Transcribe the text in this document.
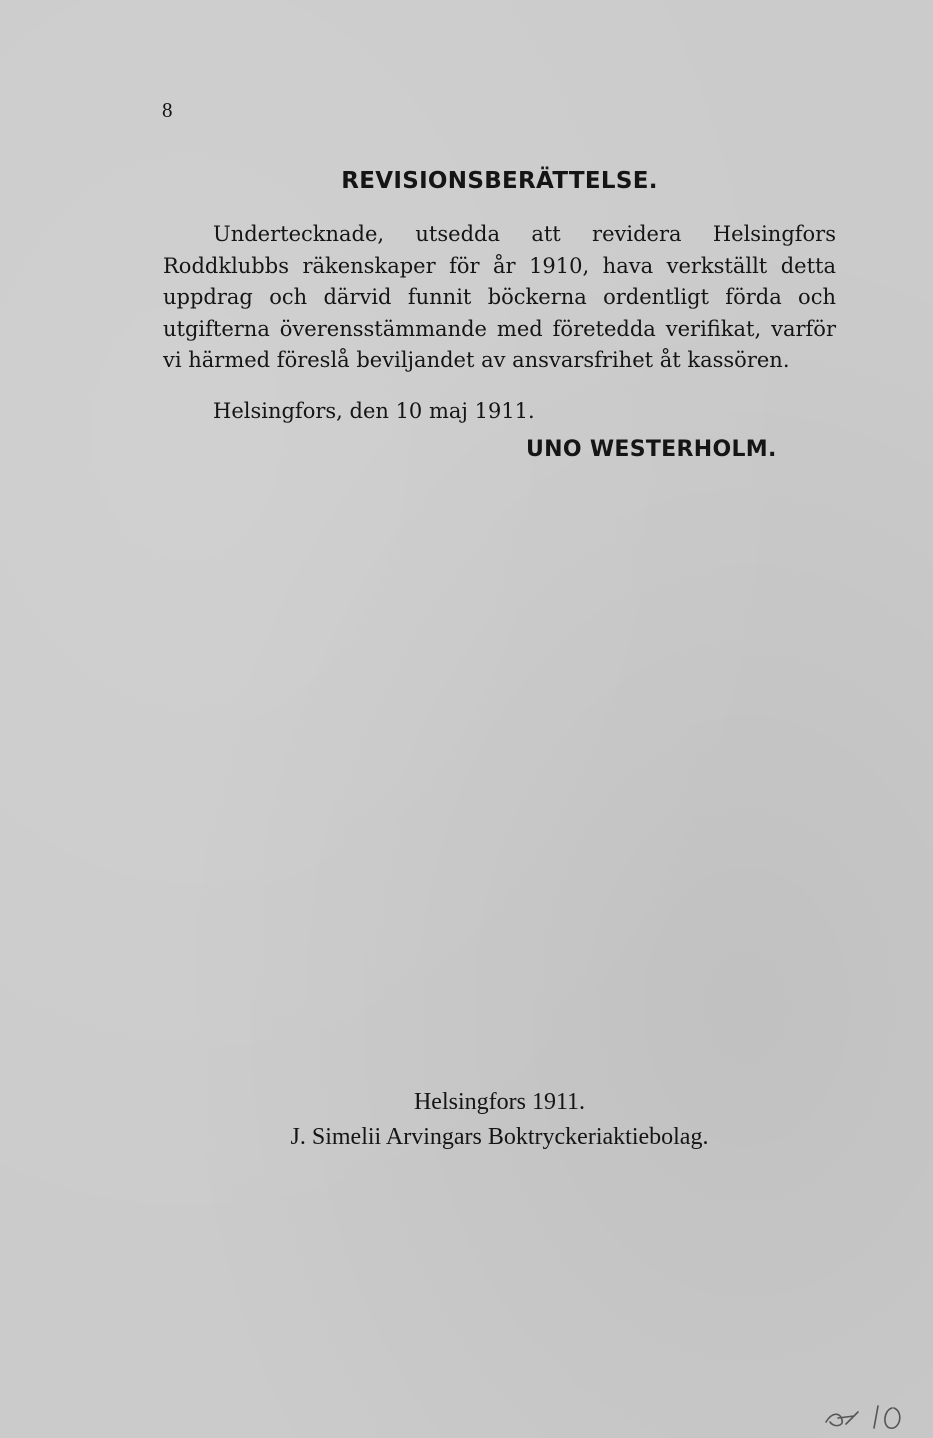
8
REVISIONSBERÄTTELSE.

Undertecknade, utsedda att revidera Helsingfors Roddklubbs räkenskaper för år 1910, hava verkställt detta uppdrag och därvid funnit böckerna ordentligt förda och utgifterna överensstämmande med företedda verifikat, varför vi härmed föreslå beviljandet av ansvarsfrihet åt kassören.

Helsingfors, den 10 maj 1911.
UNO WESTERHOLM.
Helsingfors 1911.
J. Simelii Arvingars Boktryckeriaktiebolag.
